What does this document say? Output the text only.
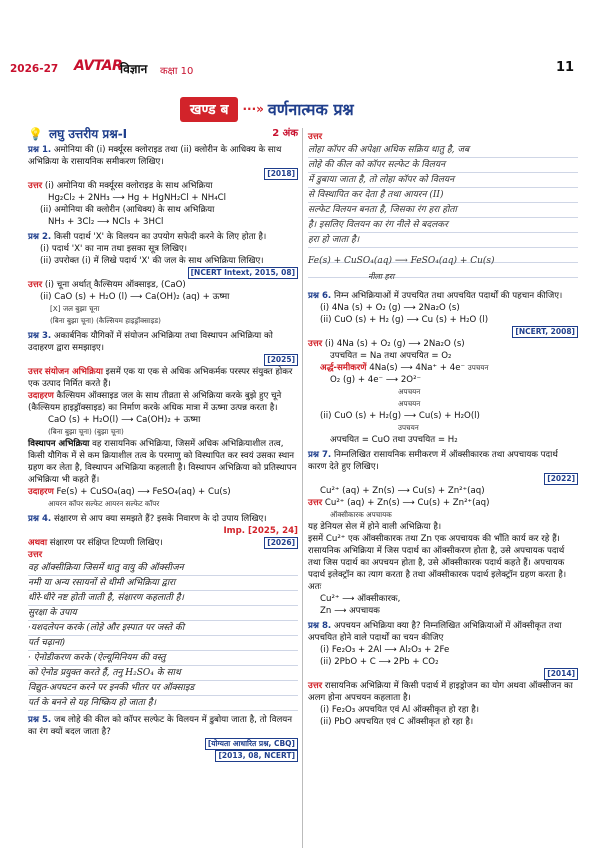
2026-27 AVTAR
विज्ञान कक्षा 10	11
खण्ड ब	···» वर्णनात्मक प्रश्न
💡 लघु उत्तरीय प्रश्न-I	2 अंक
प्रश्न 1. अमोनिया की (i) मर्क्यूरस क्लोराइड तथा (ii) क्लोरीन के आधिक्य के साथ अभिक्रिया के रासायनिक समीकरण लिखिए।
[2018]
उत्तर (i) अमोनिया की मर्क्यूरस क्लोराइड के साथ अभिक्रिया
Hg₂Cl₂ + 2NH₃ ⟶ Hg + HgNH₂Cl + NH₄Cl
(ii) अमोनिया की क्लोरीन (आधिक्य) के साथ अभिक्रिया
NH₃ + 3Cl₂ ⟶ NCl₃ + 3HCl
प्रश्न 2. किसी पदार्थ 'X' के विलयन का उपयोग सफेदी करने के लिए होता है।
(i) पदार्थ 'X' का नाम तथा इसका सूत्र लिखिए।
(ii) उपरोक्त (i) में लिखे पदार्थ 'X' की जल के साथ अभिक्रिया लिखिए।
[NCERT Intext, 2015, 08]
उत्तर (i) चूना अर्थात् कैल्सियम ऑक्साइड, (CaO)
(ii) CaO (s) + H₂O (l) ⟶ Ca(OH)₂ (aq) + ऊष्मा
[X] जल बुझा चूना
(बिना बुझा चूना) (कैल्सियम हाइड्रॉक्साइड)
प्रश्न 3. अकार्बनिक यौगिकों में संयोजन अभिक्रिया तथा विस्थापन अभिक्रिया को उदाहरण द्वारा समझाइए।
[2025]
उत्तर संयोजन अभिक्रिया इसमें एक या एक से अधिक अभिकर्मक परस्पर संयुक्त होकर एक उत्पाद निर्मित करते हैं।
उदाहरण कैल्सियम ऑक्साइड जल के साथ तीव्रता से अभिक्रिया करके बुझे हुए चूने (कैल्सियम हाइड्रॉक्साइड) का निर्माण करके अधिक मात्रा में ऊष्मा उत्पन्न करता है।
CaO (s) + H₂O(l) ⟶ Ca(OH)₂ + ऊष्मा
(बिना बुझा चूना) (बुझा चूना)
विस्थापन अभिक्रिया वह रासायनिक अभिक्रिया, जिसमें अधिक अभिक्रियाशील तत्व, किसी यौगिक में से कम क्रियाशील तत्व के परमाणु को विस्थापित कर स्वयं उसका स्थान ग्रहण कर लेता है, विस्थापन अभिक्रिया कहलाती है। विस्थापन अभिक्रिया को प्रतिस्थापन अभिक्रिया भी कहते हैं।
उदाहरण Fe(s) + CuSO₄(aq) ⟶ FeSO₄(aq) + Cu(s)
आयरन कॉपर सल्फेट आयरन सल्फेट कॉपर
प्रश्न 4. संक्षारण से आप क्या समझते हैं? इसके निवारण के दो उपाय लिखिए।
Imp. [2025, 24]
अथवा संक्षारण पर संक्षिप्त टिप्पणी लिखिए।	[2026]
उत्तर
वह ऑक्सीक्रिया जिसमें धातु वायु की ऑक्सीजन
नमी या अन्य रसायनों से धीमी अभिक्रिया द्वारा
धीरे-धीरे नष्ट होती जाती है, संक्षारण कहलाती है।
सुरक्षा के उपाय
·यशदलेपन करके (लोहे और इस्पात पर जस्ते की
पर्त चढ़ाना)
· ऐनोडीकरण करके (ऐल्यूमिनियम की वस्तु
को ऐनोड प्रयुक्त करते हैं, तनु H₂SO₄ के साथ
विद्युत-अपघटन करने पर इनकी भीतर पर ऑक्साइड
पर्त के बनने से यह निष्क्रिय हो जाता है।
प्रश्न 5. जब लोहे की कील को कॉपर सल्फेट के विलयन में डुबोया जाता है, तो विलयन का रंग क्यों बदल जाता है?
[योग्यता आधारित प्रश्न, CBQ]
[2013, 08, NCERT]
उत्तर
लोहा कॉपर की अपेक्षा अधिक सक्रिय धातु है, जब
लोहे की कील को कॉपर सल्फेट के विलयन
में डुबाया जाता है, तो लोहा कॉपर को विलयन
से विस्थापित कर देता है तथा आयरन (II)
सल्फेट विलयन बनता है, जिसका रंग हरा होता
है। इसलिए विलयन का रंग नीले से बदलकर
हरा हो जाता है।
Fe(s) + CuSO₄(aq) ⟶ FeSO₄(aq) + Cu(s)
नीला हरा
प्रश्न 6. निम्न अभिक्रियाओं में उपचयित तथा अपचयित पदार्थों की पहचान कीजिए।
(i) 4Na (s) + O₂ (g) ⟶ 2Na₂O (s)
(ii) CuO (s) + H₂ (g) ⟶ Cu (s) + H₂O (l)
[NCERT, 2008]
उत्तर (i) 4Na (s) + O₂ (g) ⟶ 2Na₂O (s)
उपचयित = Na तथा अपचयित = O₂
अर्द्ध-समीकरणें 4Na(s) ⟶ 4Na⁺ + 4e⁻ उपचयन
O₂ (g) + 4e⁻ ⟶ 2O²⁻
अपचयन
अपचयन
(ii) CuO (s) + H₂(g) ⟶ Cu(s) + H₂O(l)
उपचयन
अपचयित = CuO तथा उपचयित = H₂
प्रश्न 7. निम्नलिखित रासायनिक समीकरण में ऑक्सीकारक तथा अपचायक पदार्थ कारण देते हुए लिखिए।
[2022]
Cu²⁺ (aq) + Zn(s) ⟶ Cu(s) + Zn²⁺(aq)
उत्तर Cu²⁺ (aq) + Zn(s) ⟶ Cu(s) + Zn²⁺(aq)
ऑक्सीकारक अपचायक
यह डेनियल सेल में होने वाली अभिक्रिया है।
इसमें Cu²⁺ एक ऑक्सीकारक तथा Zn एक अपचायक की भाँति कार्य कर रहे हैं। रासायनिक अभिक्रिया में जिस पदार्थ का ऑक्सीकरण होता है, उसे अपचायक पदार्थ तथा जिस पदार्थ का अपचयन होता है, उसे ऑक्सीकारक पदार्थ कहते हैं। अपचायक पदार्थ इलेक्ट्रॉन का त्याग करता है तथा ऑक्सीकारक पदार्थ इलेक्ट्रॉन ग्रहण करता है। अतः
Cu²⁺ ⟶ ऑक्सीकारक,
Zn ⟶ अपचायक
प्रश्न 8. अपचयन अभिक्रिया क्या है? निम्नलिखित अभिक्रियाओं में ऑक्सीकृत तथा अपचयित होने वाले पदार्थों का चयन कीजिए
(i) Fe₂O₃ + 2Al ⟶ Al₂O₃ + 2Fe
(ii) 2PbO + C ⟶ 2Pb + CO₂
[2014]
उत्तर रासायनिक अभिक्रिया में किसी पदार्थ में हाइड्रोजन का योग अथवा ऑक्सीजन का अलग होना अपचयन कहलाता है।
(i) Fe₂O₃ अपचयित एवं Al ऑक्सीकृत हो रहा है।
(ii) PbO अपचयित एवं C ऑक्सीकृत हो रहा है।
